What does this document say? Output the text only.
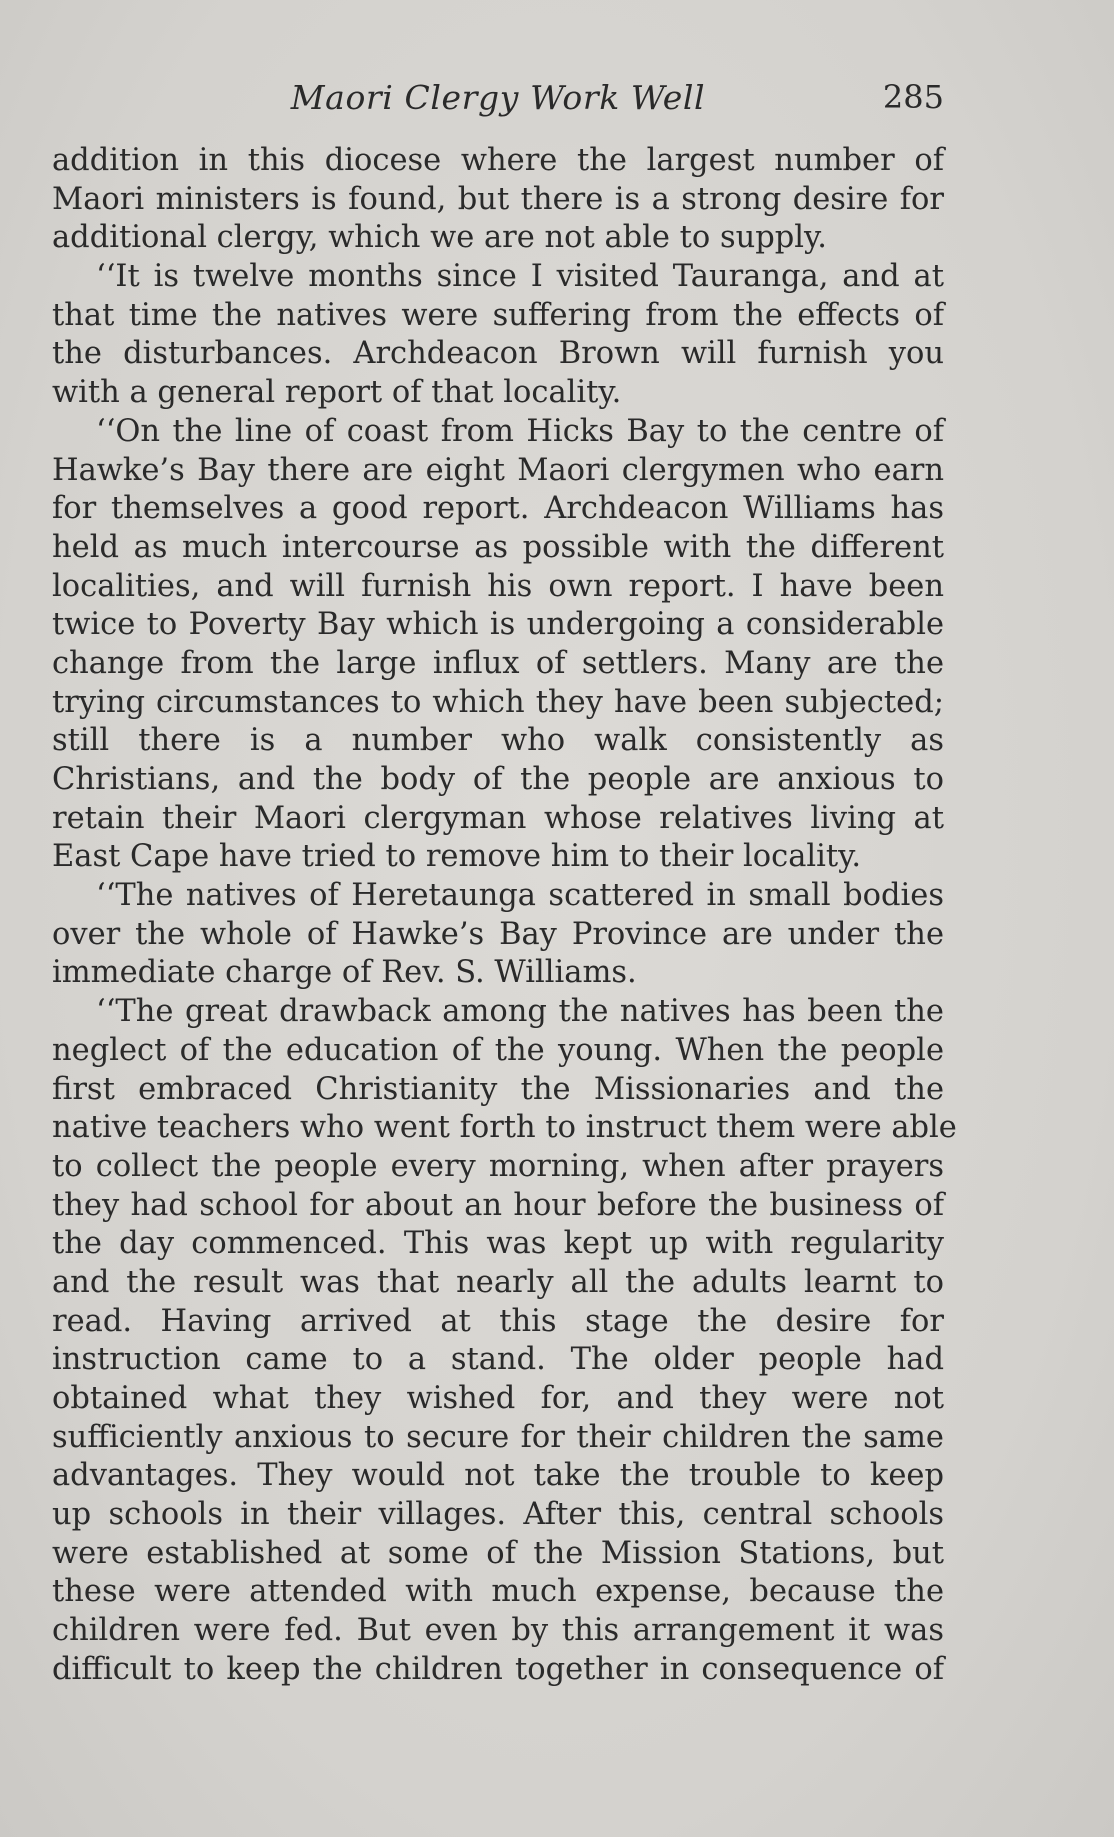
Maori Clergy Work Well	285
addition in this diocese where the largest number of
Maori ministers is found, but there is a strong desire for
additional clergy, which we are not able to supply.
‘‘It is twelve months since I visited Tauranga, and at
that time the natives were suffering from the effects of
the disturbances. Archdeacon Brown will furnish you
with a general report of that locality.
‘‘On the line of coast from Hicks Bay to the centre of
Hawke’s Bay there are eight Maori clergymen who earn
for themselves a good report. Archdeacon Williams has
held as much intercourse as possible with the different
localities, and will furnish his own report. I have been
twice to Poverty Bay which is undergoing a considerable
change from the large influx of settlers. Many are the
trying circumstances to which they have been subjected;
still there is a number who walk consistently as
Christians, and the body of the people are anxious to
retain their Maori clergyman whose relatives living at
East Cape have tried to remove him to their locality.
‘‘The natives of Heretaunga scattered in small bodies
over the whole of Hawke’s Bay Province are under the
immediate charge of Rev. S. Williams.
‘‘The great drawback among the natives has been the
neglect of the education of the young. When the people
first embraced Christianity the Missionaries and the
native teachers who went forth to instruct them were able
to collect the people every morning, when after prayers
they had school for about an hour before the business of
the day commenced. This was kept up with regularity
and the result was that nearly all the adults learnt to
read. Having arrived at this stage the desire for
instruction came to a stand. The older people had
obtained what they wished for, and they were not
sufficiently anxious to secure for their children the same
advantages. They would not take the trouble to keep
up schools in their villages. After this, central schools
were established at some of the Mission Stations, but
these were attended with much expense, because the
children were fed. But even by this arrangement it was
difficult to keep the children together in consequence of
